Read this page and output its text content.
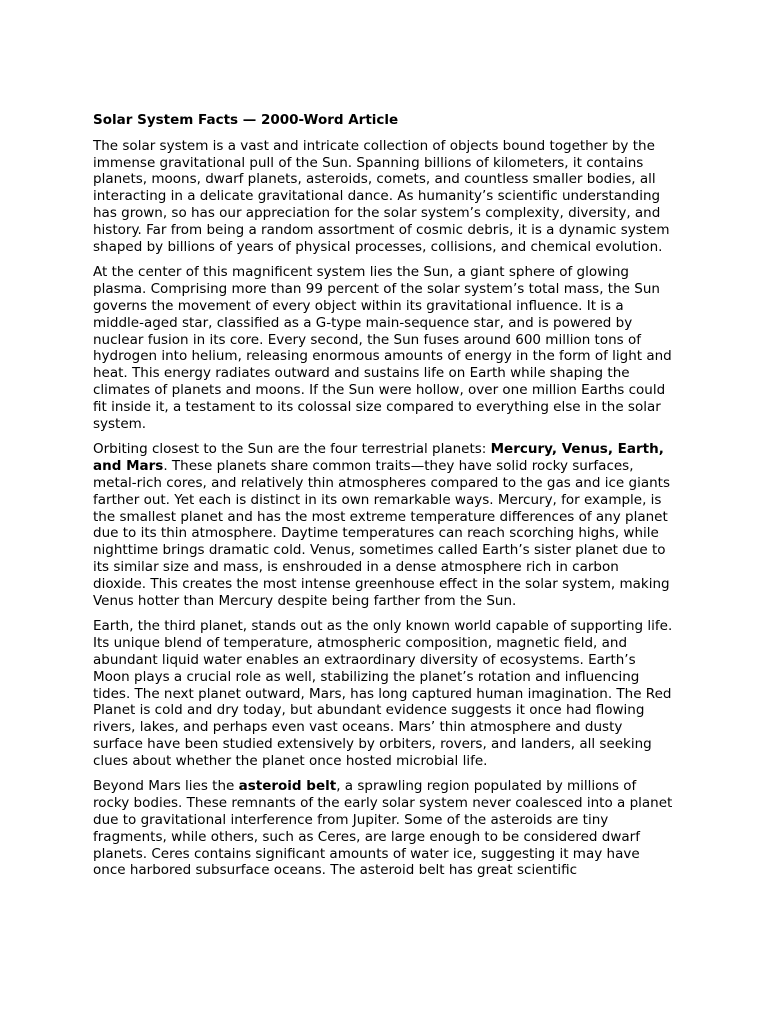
Solar System Facts — 2000-Word Article

The solar system is a vast and intricate collection of objects bound together by the immense gravitational pull of the Sun. Spanning billions of kilometers, it contains planets, moons, dwarf planets, asteroids, comets, and countless smaller bodies, all interacting in a delicate gravitational dance. As humanity’s scientific understanding has grown, so has our appreciation for the solar system’s complexity, diversity, and history. Far from being a random assortment of cosmic debris, it is a dynamic system shaped by billions of years of physical processes, collisions, and chemical evolution.

At the center of this magnificent system lies the Sun, a giant sphere of glowing plasma. Comprising more than 99 percent of the solar system’s total mass, the Sun governs the movement of every object within its gravitational influence. It is a middle-aged star, classified as a G-type main-sequence star, and is powered by nuclear fusion in its core. Every second, the Sun fuses around 600 million tons of hydrogen into helium, releasing enormous amounts of energy in the form of light and heat. This energy radiates outward and sustains life on Earth while shaping the climates of planets and moons. If the Sun were hollow, over one million Earths could fit inside it, a testament to its colossal size compared to everything else in the solar system.

Orbiting closest to the Sun are the four terrestrial planets: Mercury, Venus, Earth, and Mars. These planets share common traits—they have solid rocky surfaces, metal-rich cores, and relatively thin atmospheres compared to the gas and ice giants farther out. Yet each is distinct in its own remarkable ways. Mercury, for example, is the smallest planet and has the most extreme temperature differences of any planet due to its thin atmosphere. Daytime temperatures can reach scorching highs, while nighttime brings dramatic cold. Venus, sometimes called Earth’s sister planet due to its similar size and mass, is enshrouded in a dense atmosphere rich in carbon dioxide. This creates the most intense greenhouse effect in the solar system, making Venus hotter than Mercury despite being farther from the Sun.

Earth, the third planet, stands out as the only known world capable of supporting life. Its unique blend of temperature, atmospheric composition, magnetic field, and abundant liquid water enables an extraordinary diversity of ecosystems. Earth’s Moon plays a crucial role as well, stabilizing the planet’s rotation and influencing tides. The next planet outward, Mars, has long captured human imagination. The Red Planet is cold and dry today, but abundant evidence suggests it once had flowing rivers, lakes, and perhaps even vast oceans. Mars’ thin atmosphere and dusty surface have been studied extensively by orbiters, rovers, and landers, all seeking clues about whether the planet once hosted microbial life.

Beyond Mars lies the asteroid belt, a sprawling region populated by millions of rocky bodies. These remnants of the early solar system never coalesced into a planet due to gravitational interference from Jupiter. Some of the asteroids are tiny fragments, while others, such as Ceres, are large enough to be considered dwarf planets. Ceres contains significant amounts of water ice, suggesting it may have once harbored subsurface oceans. The asteroid belt has great scientific
